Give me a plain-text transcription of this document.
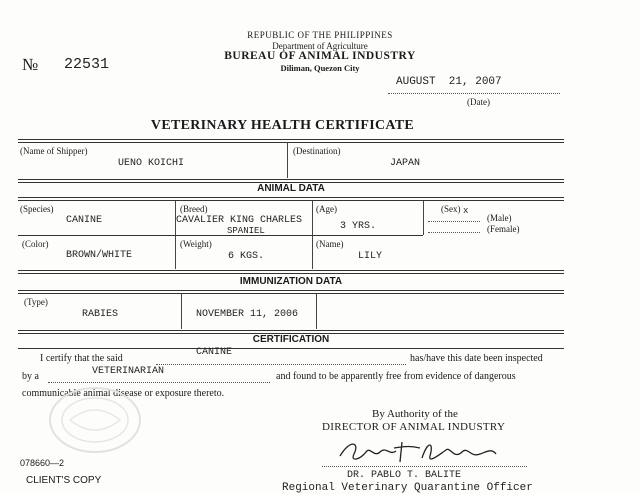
REPUBLIC OF THE PHILIPPINES
Department of Agriculture
BUREAU OF ANIMAL INDUSTRY
Diliman, Quezon City
№ 22531
AUGUST  21, 2007
(Date)
VETERINARY HEALTH CERTIFICATE
(Name of Shipper)
UENO KOICHI
(Destination)
JAPAN
ANIMAL DATA
(Species)
CANINE
(Breed)
CAVALIER KING CHARLES
SPANIEL
(Age)
3 YRS.
(Sex) x
(Male)
(Female)
(Color)
BROWN/WHITE
(Weight)
6 KGS.
(Name)
LILY
IMMUNIZATION DATA
(Type)
RABIES	NOVEMBER 11, 2006
CERTIFICATION
I certify that the said
CANINE
has/have this date been inspected
by a	VETERINARIAN	and found to be apparently free from evidence of dangerous
communicable animal disease or exposure thereto.
By Authority of the
DIRECTOR OF ANIMAL INDUSTRY
DR. PABLO T. BALITE
Regional Veterinary Quarantine Officer
078660—2
CLIENT'S COPY
